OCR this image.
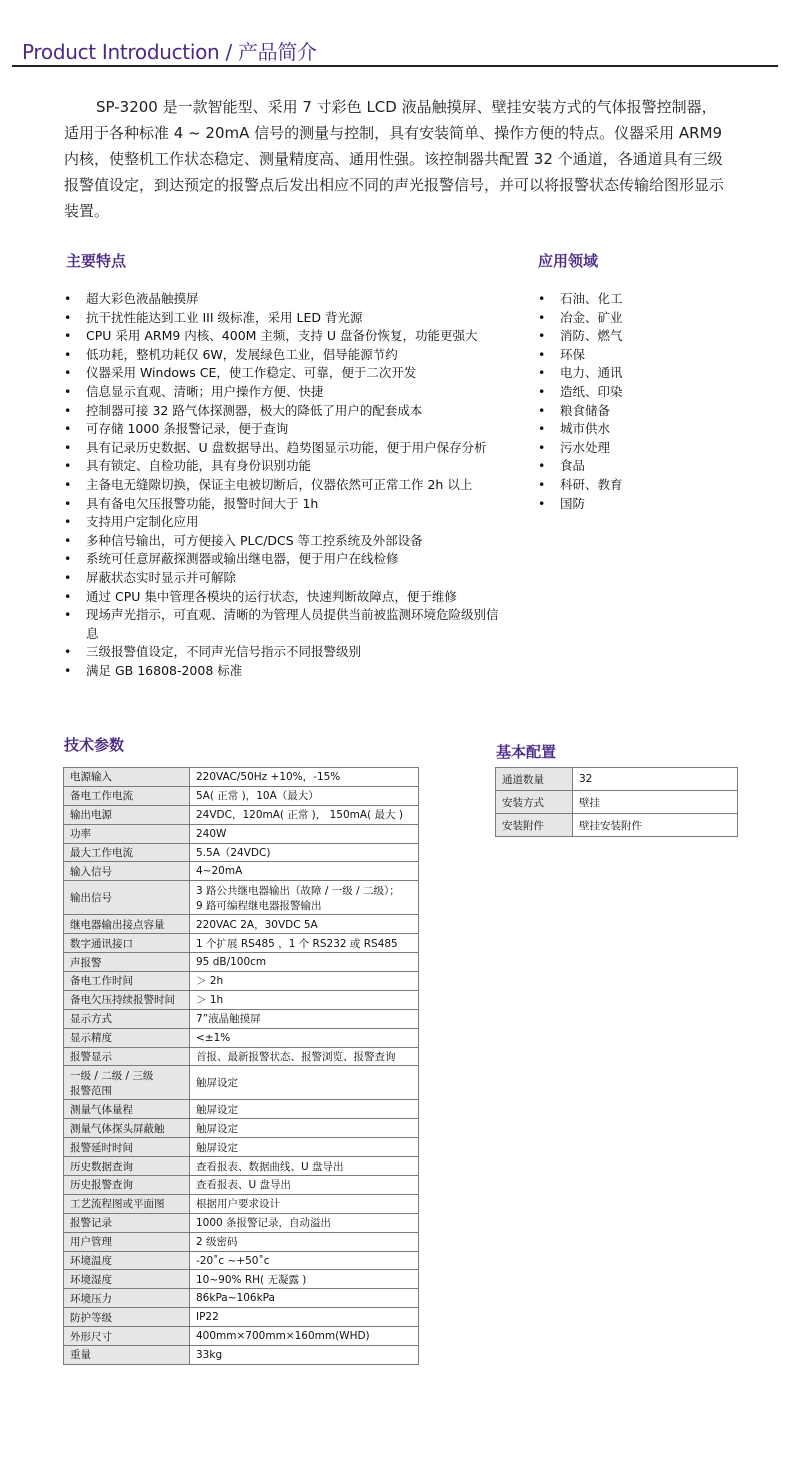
Product Introduction / 产品简介
SP-3200 是一款智能型、采用 7 寸彩色 LCD 液晶触摸屏、壁挂安装方式的气体报警控制器，适用于各种标准 4 ~ 20mA 信号的测量与控制，具有安装简单、操作方便的特点。仪器采用 ARM9 内核，使整机工作状态稳定、测量精度高、通用性强。该控制器共配置 32 个通道，各通道具有三级报警值设定，到达预定的报警点后发出相应不同的声光报警信号，并可以将报警状态传输给图形显示装置。
主要特点	应用领域
• 超大彩色液晶触摸屏
• 抗干扰性能达到工业 III 级标准，采用 LED 背光源
• CPU 采用 ARM9 内核、400M 主频，支持 U 盘备份恢复，功能更强大
• 低功耗，整机功耗仅 6W，发展绿色工业，倡导能源节约
• 仪器采用 Windows CE，使工作稳定、可靠，便于二次开发
• 信息显示直观、清晰；用户操作方便、快捷
• 控制器可接 32 路气体探测器，极大的降低了用户的配套成本
• 可存储 1000 条报警记录，便于查询
• 具有记录历史数据、U 盘数据导出、趋势图显示功能，便于用户保存分析
• 具有锁定、自检功能，具有身份识别功能
• 主备电无缝隙切换，保证主电被切断后，仪器依然可正常工作 2h 以上
• 具有备电欠压报警功能，报警时间大于 1h
• 支持用户定制化应用
• 多种信号输出，可方便接入 PLC/DCS 等工控系统及外部设备
• 系统可任意屏蔽探测器或输出继电器，便于用户在线检修
• 屏蔽状态实时显示并可解除
• 通过 CPU 集中管理各模块的运行状态，快速判断故障点，便于维修
• 现场声光指示，可直观、清晰的为管理人员提供当前被监测环境危险级别信息
• 三级报警值设定，不同声光信号指示不同报警级别
• 满足 GB 16808-2008 标准
• 石油、化工
• 冶金、矿业
• 消防、燃气
• 环保
• 电力、通讯
• 造纸、印染
• 粮食储备
• 城市供水
• 污水处理
• 食品
• 科研、教育
• 国防
技术参数	基本配置
电源输入	220VAC/50Hz +10%，-15%
备电工作电流	5A( 正常 )，10A（最大）
输出电源	24VDC，120mA( 正常 )， 150mA( 最大 )
功率	240W
最大工作电流	5.5A（24VDC)
输入信号	4~20mA
输出信号	3 路公共继电器输出（故障 / 一级 / 二级）；
9 路可编程继电器报警输出
继电器输出接点容量	220VAC 2A，30VDC 5A
数字通讯接口	1 个扩展 RS485 ，1 个 RS232 或 RS485
声报警	95 dB/100cm
备电工作时间	＞ 2h
备电欠压持续报警时间	＞ 1h
显示方式	7”液晶触摸屏
显示精度	<±1%
报警显示	首报、最新报警状态、报警浏览、报警查询
一级 / 二级 / 三级
报警范围	触屏设定
测量气体量程	触屏设定
测量气体探头屏蔽触	触屏设定
报警延时时间	触屏设定
历史数据查询	查看报表、数据曲线、U 盘导出
历史报警查询	查看报表、U 盘导出
工艺流程图或平面图	根据用户要求设计
报警记录	1000 条报警记录，自动溢出
用户管理	2 级密码
环境温度	-20˚c ~+50˚c
环境湿度	10~90% RH( 无凝露 )
环境压力	86kPa~106kPa
防护等级	IP22
外形尺寸	400mm×700mm×160mm(WHD)
重量	33kg
通道数量	32
安装方式	壁挂
安装附件	壁挂安装附件
